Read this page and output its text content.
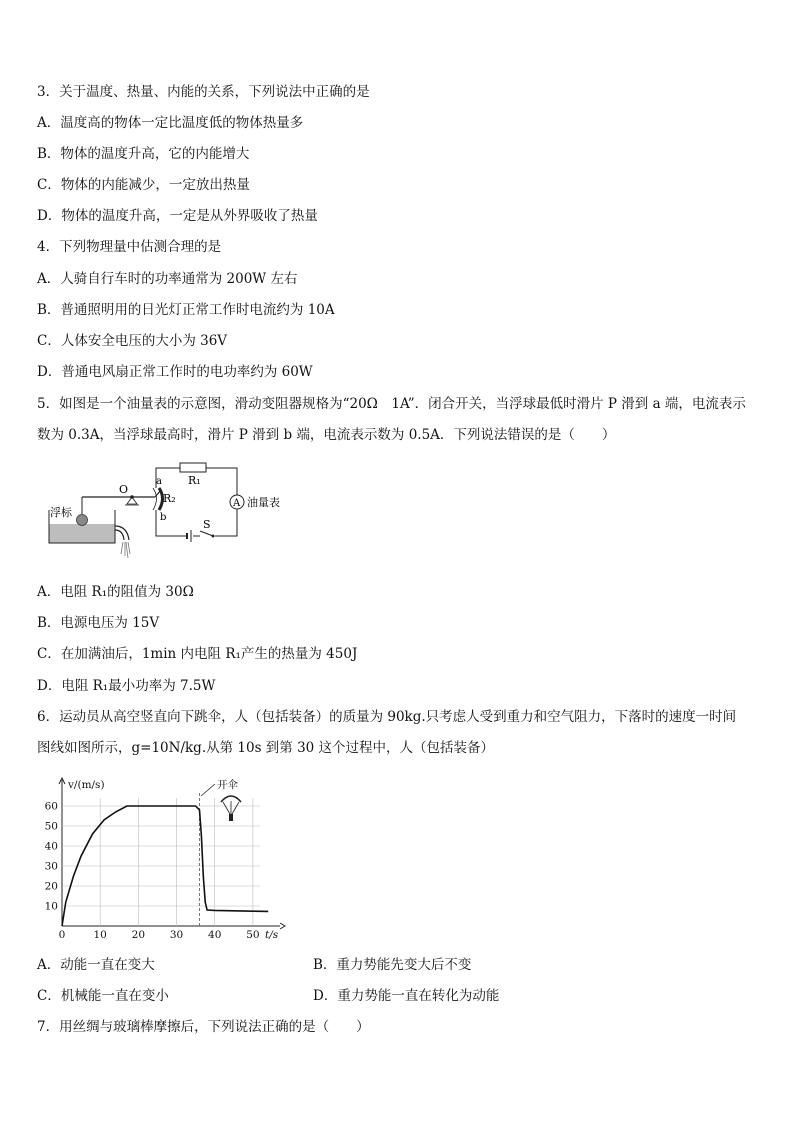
3．关于温度、热量、内能的关系，下列说法中正确的是
A．温度高的物体一定比温度低的物体热量多
B．物体的温度升高，它的内能增大
C．物体的内能减少，一定放出热量
D．物体的温度升高，一定是从外界吸收了热量
4．下列物理量中估测合理的是
A．人骑自行车时的功率通常为 200W 左右
B．普通照明用的日光灯正常工作时电流约为 10A
C．人体安全电压的大小为 36V
D．普通电风扇正常工作时的电功率约为 60W
5．如图是一个油量表的示意图，滑动变阻器规格为“20Ω　1A”．闭合开关，当浮球最低时滑片 P 滑到 a 端，电流表示
数为 0.3A，当浮球最高时，滑片 P 滑到 b 端，电流表示数为 0.5A．下列说法错误的是（　　）
浮标
O
a
R₂
b
R₁
A 油量表
S
A．电阻 R₁的阻值为 30Ω
B．电源电压为 15V
C．在加满油后，1min 内电阻 R₁产生的热量为 450J
D．电阻 R₁最小功率为 7.5W
6．运动员从高空竖直向下跳伞，人（包括装备）的质量为 90kg.只考虑人受到重力和空气阻力，下落时的速度一时间
图线如图所示，g=10N/kg.从第 10s 到第 30 这个过程中，人（包括装备）
v/(m/s)
t/s
10
20
30
40
50
60
0	10 20 30 40 50
开伞
A．动能一直在变大	B．重力势能先变大后不变
C．机械能一直在变小	D．重力势能一直在转化为动能
7．用丝绸与玻璃棒摩擦后，下列说法正确的是（　　）
